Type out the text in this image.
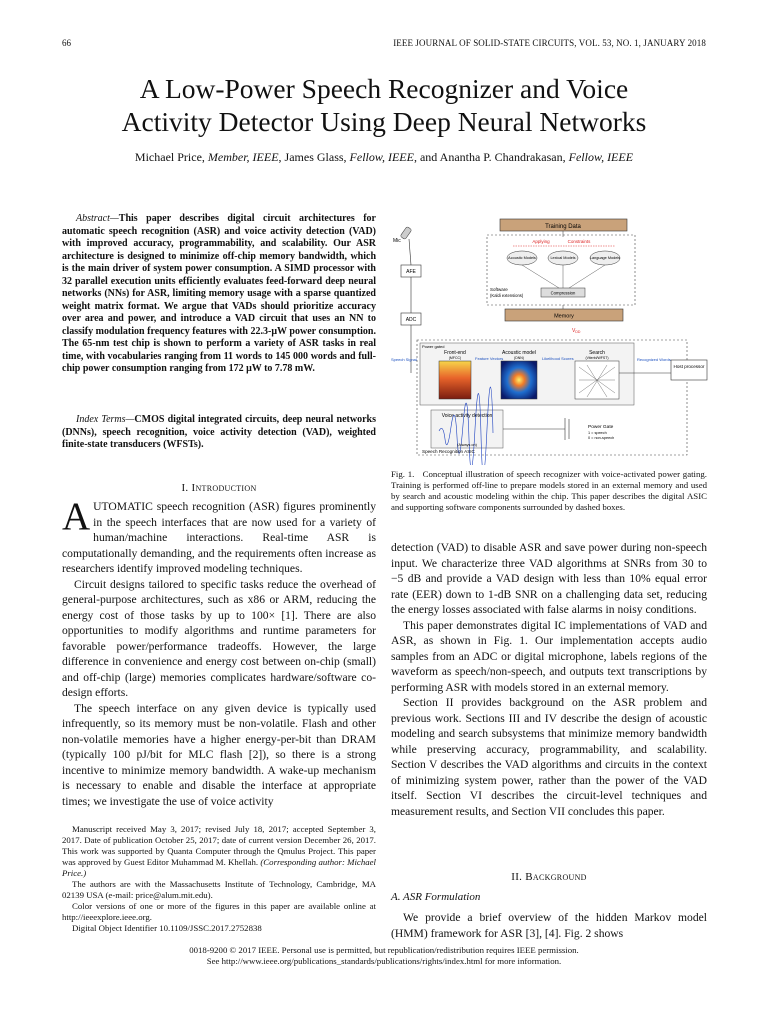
66	IEEE JOURNAL OF SOLID-STATE CIRCUITS, VOL. 53, NO. 1, JANUARY 2018
A Low-Power Speech Recognizer and Voice
Activity Detector Using Deep Neural Networks
Michael Price, Member, IEEE, James Glass, Fellow, IEEE, and Anantha P. Chandrakasan, Fellow, IEEE
Abstract—This paper describes digital circuit architectures for automatic speech recognition (ASR) and voice activity detection (VAD) with improved accuracy, programmability, and scalability. Our ASR architecture is designed to minimize off-chip memory bandwidth, which is the main driver of system power consumption. A SIMD processor with 32 parallel execution units efficiently evaluates feed-forward deep neural networks (NNs) for ASR, limiting memory usage with a sparse quantized weight matrix format. We argue that VADs should prioritize accuracy over area and power, and introduce a VAD circuit that uses an NN to classify modulation frequency features with 22.3-μW power consumption. The 65-nm test chip is shown to perform a variety of ASR tasks in real time, with vocabularies ranging from 11 words to 145 000 words and full-chip power consumption ranging from 172 μW to 7.78 mW.
Index Terms—CMOS digital integrated circuits, deep neural networks (DNNs), speech recognition, voice activity detection (VAD), weighted finite-state transducers (WFSTs).
I. Introduction

AUTOMATIC speech recognition (ASR) figures prominently in the speech interfaces that are now used for a variety of human/machine interactions. Real-time ASR is computationally demanding, and the requirements often increase as researchers identify improved modeling techniques.

Circuit designs tailored to specific tasks reduce the overhead of general-purpose architectures, such as x86 or ARM, reducing the energy cost of those tasks by up to 100× [1]. There are also opportunities to modify algorithms and runtime parameters for favorable power/performance tradeoffs. However, the large difference in convenience and energy cost between on-chip (small) and off-chip (large) memories complicates hardware/software co-design efforts.

The speech interface on any given device is typically used infrequently, so its memory must be non-volatile. Flash and other non-volatile memories have a higher energy-per-bit than DRAM (typically 100 pJ/bit for MLC flash [2]), so there is a strong incentive to minimize memory bandwidth. A wake-up mechanism is necessary to enable and disable the interface at appropriate times; we investigate the use of voice activity

Manuscript received May 3, 2017; revised July 18, 2017; accepted September 3, 2017. Date of publication October 25, 2017; date of current version December 26, 2017. This work was supported by Quanta Computer through the Qmulus Project. This paper was approved by Guest Editor Muhammad M. Khellah. (Corresponding author: Michael Price.)

The authors are with the Massachusetts Institute of Technology, Cambridge, MA 02139 USA (e-mail: price@alum.mit.edu).

Color versions of one or more of the figures in this paper are available online at http://ieeexplore.ieee.org.

Digital Object Identifier 10.1109/JSSC.2017.2752838

Training Data
Applying	Constraints
Acoustic Models	Lexical Models	Language Models
Compression
Software
(Kaldi extensions)
Mic
AFE
ADC
Memory
$V_{DD}$
Power gated
Speech Signal
Front-end
(MFCC)	Feature Vectors
Acoustic model
(DNN)	Likelihood Scores
Search
(Viterbi/WFST)	Recognized Words
Host processor
Voice activity detection
(Always on)
Power Gate
1 = speech
0 = non-speech
Speech Recognition ASIC
Fig. 1. Conceptual illustration of speech recognizer with voice-activated power gating. Training is performed off-line to prepare models stored in an external memory and used by search and acoustic modeling within the chip. This paper describes the digital ASIC and supporting software components surrounded by dashed boxes.

detection (VAD) to disable ASR and save power during non-speech input. We characterize three VAD algorithms at SNRs from 30 to −5 dB and provide a VAD design with less than 10% equal error rate (EER) down to 1-dB SNR on a challenging data set, reducing the energy losses associated with false alarms in noisy conditions.

This paper demonstrates digital IC implementations of VAD and ASR, as shown in Fig. 1. Our implementation accepts audio samples from an ADC or digital microphone, labels regions of the waveform as speech/non-speech, and outputs text transcriptions by performing ASR with models stored in an external memory.

Section II provides background on the ASR problem and previous work. Sections III and IV describe the design of acoustic modeling and search subsystems that minimize memory bandwidth while preserving accuracy, programmability, and scalability. Section V describes the VAD algorithms and circuits in the context of minimizing system power, rather than the power of the VAD itself. Section VI describes the circuit-level techniques and measurement results, and Section VII concludes this paper.

II. Background
A. ASR Formulation

We provide a brief overview of the hidden Markov model (HMM) framework for ASR [3], [4]. Fig. 2 shows

0018-9200 © 2017 IEEE. Personal use is permitted, but republication/redistribution requires IEEE permission.
See http://www.ieee.org/publications_standards/publications/rights/index.html for more information.
